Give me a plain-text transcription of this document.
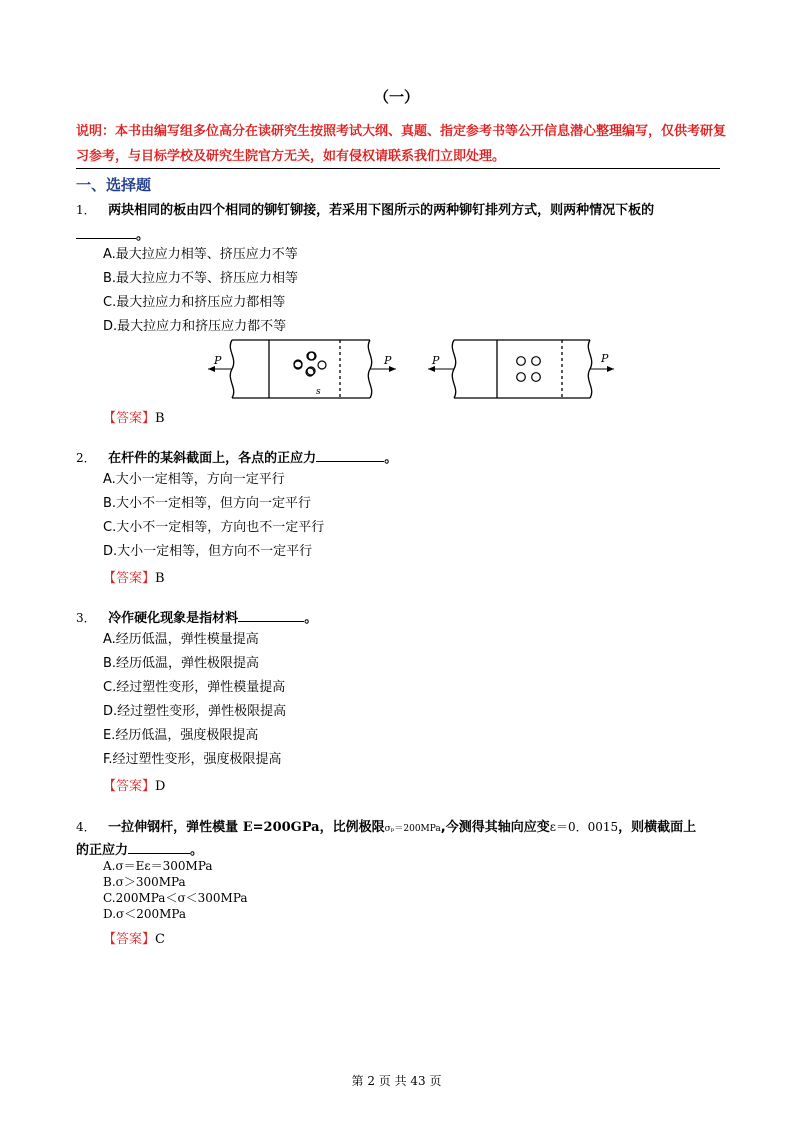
（一）
说明：本书由编写组多位高分在读研究生按照考试大纲、真题、指定参考书等公开信息潜心整理编写，仅供考研复习参考，与目标学校及研究生院官方无关，如有侵权请联系我们立即处理。
一、选择题
1． 两块相同的板由四个相同的铆钉铆接，若采用下图所示的两种铆钉排列方式，则两种情况下板的
。
A.最大拉应力相等、挤压应力不等
B.最大拉应力不等、挤压应力相等
C.最大拉应力和挤压应力都相等
D.最大拉应力和挤压应力都不等
P	P
s
P	P
【答案】B
2． 在杆件的某斜截面上，各点的正应力	。
A.大小一定相等，方向一定平行
B.大小不一定相等，但方向一定平行
C.大小不一定相等，方向也不一定平行
D.大小一定相等，但方向不一定平行
【答案】B
3． 冷作硬化现象是指材料	。
A.经历低温，弹性模量提高
B.经历低温，弹性极限提高
C.经过塑性变形，弹性模量提高
D.经过塑性变形，弹性极限提高
E.经历低温，强度极限提高
F.经过塑性变形，强度极限提高
【答案】D
4． 一拉伸钢杆，弹性模量 E=200GPa，比例极限σₚ＝200MPa,今测得其轴向应变ε＝0．0015，则横截面上
的正应力	。
A.σ＝Eε＝300MPa
B.σ＞300MPa
C.200MPa＜σ＜300MPa
D.σ＜200MPa
【答案】C
第 2 页 共 43 页
